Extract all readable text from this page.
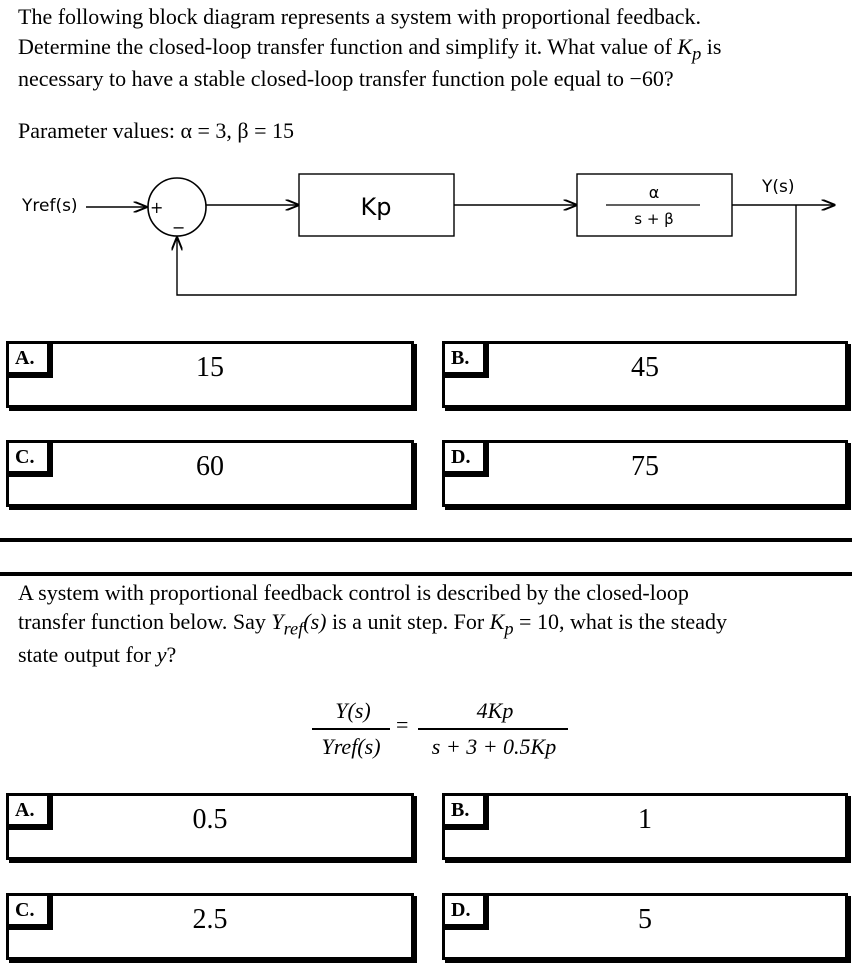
The following block diagram represents a system with proportional feedback.
Determine the closed-loop transfer function and simplify it. What value of $K_p$ is
necessary to have a stable closed-loop transfer function pole equal to −60?
Parameter values: α = 3, β = 15
Yref(s)	+
−
Kp
α
s + β
Y(s)
A.	15	B.	45
C.	60	D.	75
A system with proportional feedback control is described by the closed-loop
transfer function below. Say $Y_{ref}(s)$ is a unit step. For $K_p = 10$, what is the steady
state output for y?
Y(s)
Yref(s)
=
4Kp
s + 3 + 0.5Kp
A.	0.5	B.	1
C.	2.5	D.	5
